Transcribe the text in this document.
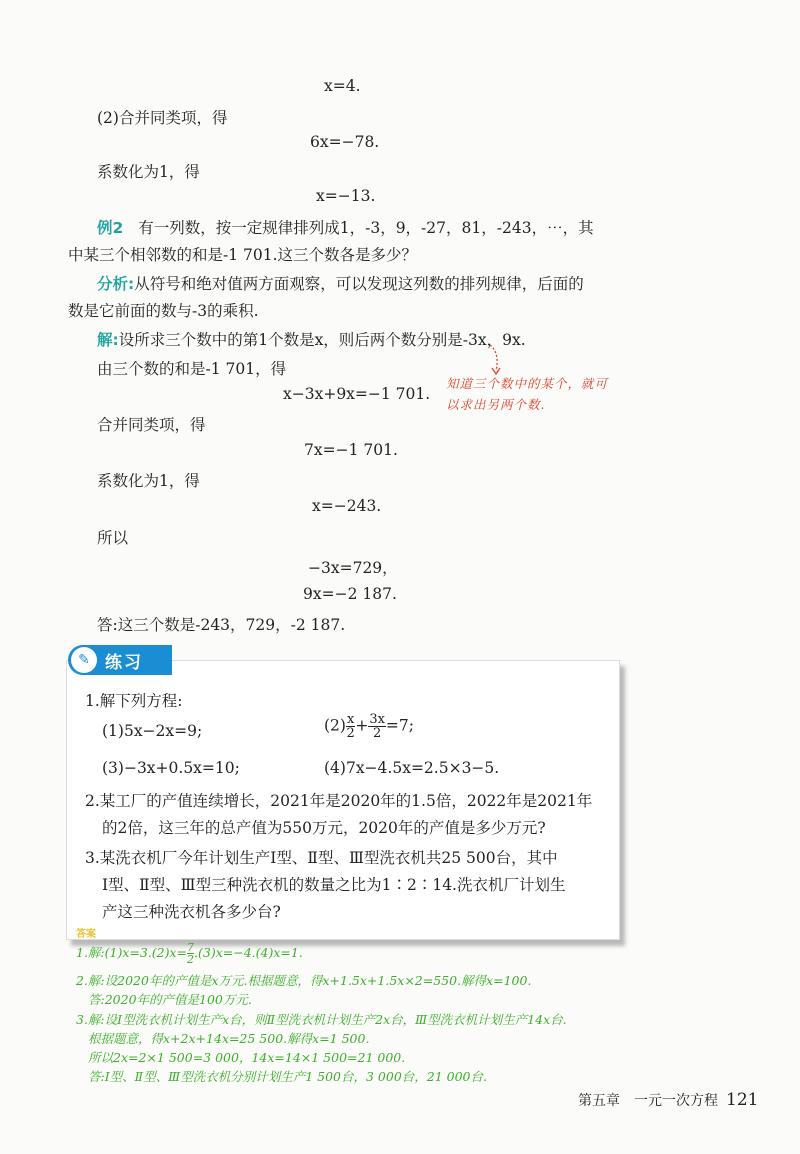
x=4.
(2)合并同类项，得
6x=−78.
系数化为1，得
x=−13.
例2 有一列数，按一定规律排列成1，-3，9，-27，81，-243，⋯，其
中某三个相邻数的和是-1 701.这三个数各是多少？
分析:从符号和绝对值两方面观察，可以发现这列数的排列规律，后面的
数是它前面的数与-3的乘积.
解:设所求三个数中的第1个数是x，则后两个数分别是-3x，9x.
由三个数的和是-1 701，得
x−3x+9x=−1 701.
知道三个数中的某个，就可
以求出另两个数.
合并同类项，得
7x=−1 701.
系数化为1，得
x=−243.
所以
−3x=729，
9x=−2 187.
答:这三个数是-243，729，-2 187.
✎ 练习
1.解下列方程:
(1)5x−2x=9;	$(2) \frac{x}{2} + \frac{3x}{2} =7$;
(3)−3x+0.5x=10;	(4)7x−4.5x=2.5×3−5.
2.某工厂的产值连续增长，2021年是2020年的1.5倍，2022年是2021年
的2倍，这三年的总产值为550万元，2020年的产值是多少万元?
3.某洗衣机厂今年计划生产Ⅰ型、Ⅱ型、Ⅲ型洗衣机共25 500台，其中
Ⅰ型、Ⅱ型、Ⅲ型三种洗衣机的数量之比为1∶2∶14.洗衣机厂计划生
产这三种洗衣机各多少台?
答案
1.解:(1)x=3.(2)x= $\frac{7}{2} .(3)x=-4.(4)x=1$.
2.解:设2020年的产值是x万元.根据题意，得x+1.5x+1.5x×2=550.解得x=100.
答:2020年的产值是100万元.
3.解:设Ⅰ型洗衣机计划生产x台，则Ⅱ型洗衣机计划生产2x台，Ⅲ型洗衣机计划生产14x台.
根据题意，得x+2x+14x=25 500.解得x=1 500.
所以2x=2×1 500=3 000，14x=14×1 500=21 000.
答:Ⅰ型、Ⅱ型、Ⅲ型洗衣机分别计划生产1 500台，3 000台，21 000台.
第五章　一元一次方程 121
